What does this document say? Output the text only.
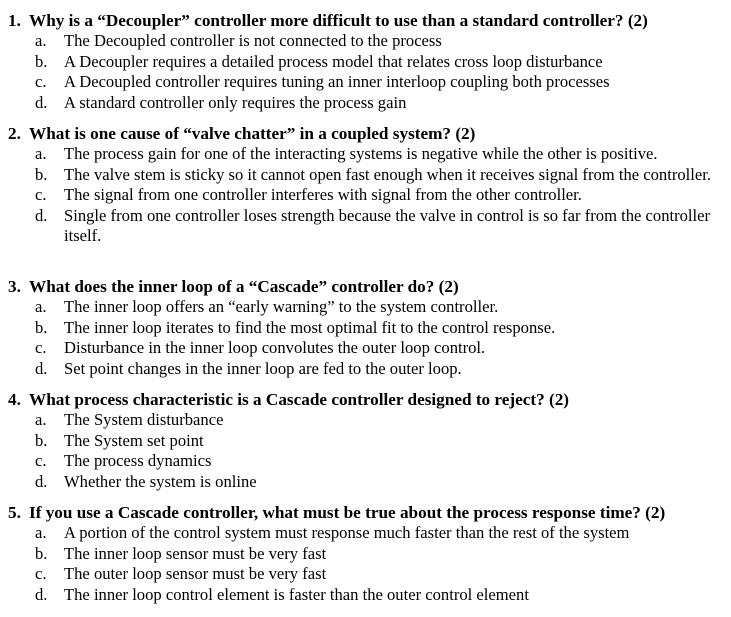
1. Why is a “Decoupler” controller more difficult to use than a standard controller? (2)
a. The Decoupled controller is not connected to the process
b. A Decoupler requires a detailed process model that relates cross loop disturbance
c. A Decoupled controller requires tuning an inner interloop coupling both processes
d. A standard controller only requires the process gain
2. What is one cause of “valve chatter” in a coupled system? (2)
a. The process gain for one of the interacting systems is negative while the other is positive.
b. The valve stem is sticky so it cannot open fast enough when it receives signal from the controller.
c. The signal from one controller interferes with signal from the other controller.
d. Single from one controller loses strength because the valve in control is so far from the controller itself.
3. What does the inner loop of a “Cascade” controller do? (2)
a. The inner loop offers an “early warning” to the system controller.
b. The inner loop iterates to find the most optimal fit to the control response.
c. Disturbance in the inner loop convolutes the outer loop control.
d. Set point changes in the inner loop are fed to the outer loop.
4. What process characteristic is a Cascade controller designed to reject? (2)
a. The System disturbance
b. The System set point
c. The process dynamics
d. Whether the system is online
5. If you use a Cascade controller, what must be true about the process response time? (2)
a. A portion of the control system must response much faster than the rest of the system
b. The inner loop sensor must be very fast
c. The outer loop sensor must be very fast
d. The inner loop control element is faster than the outer control element
